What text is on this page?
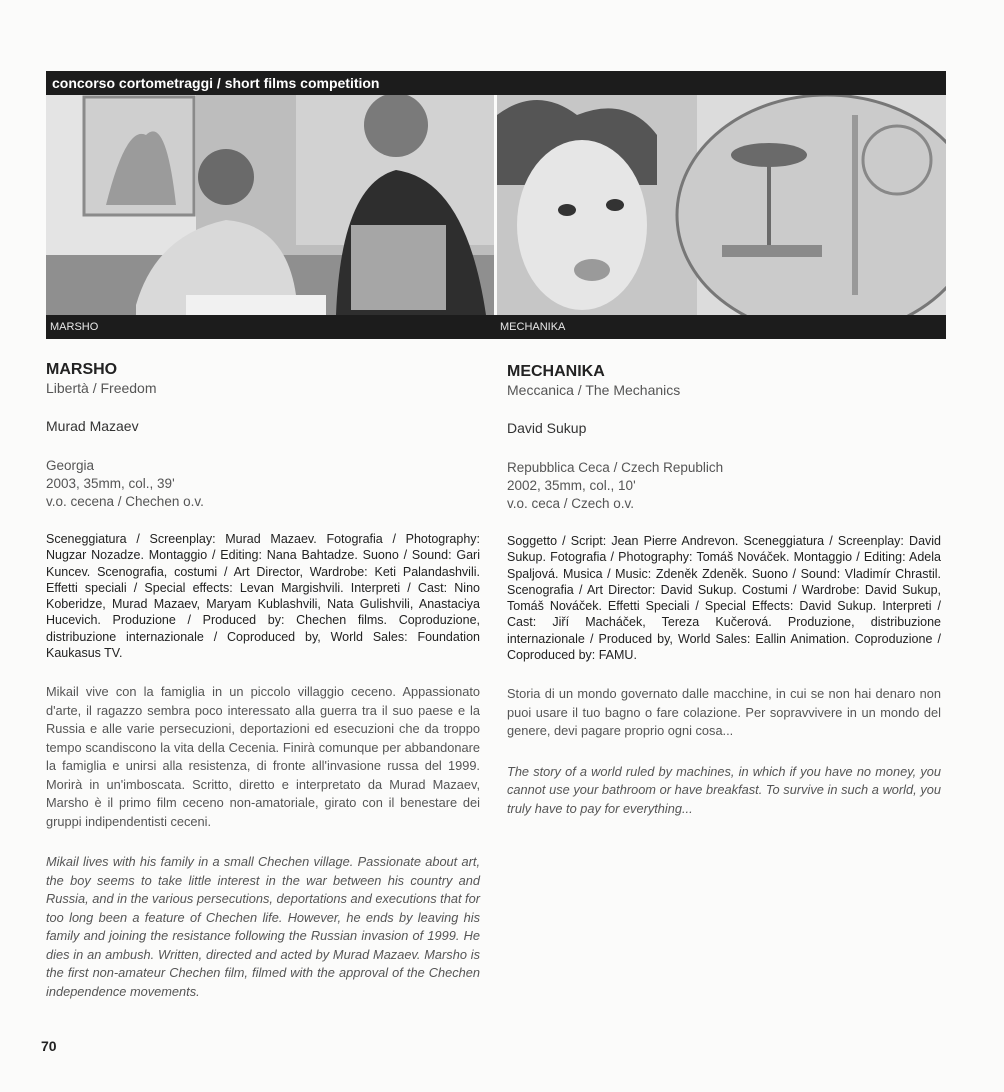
concorso cortometraggi / short films competition
MARSHO	MECHANIKA
MARSHO

Libertà / Freedom

Murad Mazaev

Georgia
2003, 35mm, col., 39'
v.o. cecena / Chechen o.v.

Sceneggiatura / Screenplay: Murad Mazaev. Fotografia / Photography: Nugzar Nozadze. Montaggio / Editing: Nana Bahtadze. Suono / Sound: Gari Kuncev. Scenografia, costumi / Art Director, Wardrobe: Keti Palandashvili. Effetti speciali / Special effects: Levan Margishvili. Interpreti / Cast: Nino Koberidze, Murad Mazaev, Maryam Kublashvili, Nata Gulishvili, Anastaciya Hucevich. Produzione / Produced by: Chechen films. Coproduzione, distribuzione internazionale / Coproduced by, World Sales: Foundation Kaukasus TV.

Mikail vive con la famiglia in un piccolo villaggio ceceno. Appassionato d'arte, il ragazzo sembra poco interessato alla guerra tra il suo paese e la Russia e alle varie persecuzioni, deportazioni ed esecuzioni che da troppo tempo scandiscono la vita della Cecenia. Finirà comunque per abbandonare la famiglia e unirsi alla resistenza, di fronte all'invasione russa del 1999. Morirà in un'imboscata. Scritto, diretto e interpretato da Murad Mazaev, Marsho è il primo film ceceno non-amatoriale, girato con il benestare dei gruppi indipendentisti ceceni.

Mikail lives with his family in a small Chechen village. Passionate about art, the boy seems to take little interest in the war between his country and Russia, and in the various persecutions, deportations and executions that for too long been a feature of Chechen life. However, he ends by leaving his family and joining the resistance following the Russian invasion of 1999. He dies in an ambush. Written, directed and acted by Murad Mazaev. Marsho is the first non-amateur Chechen film, filmed with the approval of the Chechen independence movements.

MECHANIKA

Meccanica / The Mechanics

David Sukup

Repubblica Ceca / Czech Republich
2002, 35mm, col., 10'
v.o. ceca / Czech o.v.

Soggetto / Script: Jean Pierre Andrevon. Sceneggiatura / Screenplay: David Sukup. Fotografia / Photography: Tomáš Nováček. Montaggio / Editing: Adela Spaljová. Musica / Music: Zdeněk Zdeněk. Suono / Sound: Vladimír Chrastil. Scenografia / Art Director: David Sukup. Costumi / Wardrobe: David Sukup, Tomáš Nováček. Effetti Speciali / Special Effects: David Sukup. Interpreti / Cast: Jiří Macháček, Tereza Kučerová. Produzione, distribuzione internazionale / Produced by, World Sales: Eallin Animation. Coproduzione / Coproduced by: FAMU.

Storia di un mondo governato dalle macchine, in cui se non hai denaro non puoi usare il tuo bagno o fare colazione. Per sopravvivere in un mondo del genere, devi pagare proprio ogni cosa...

The story of a world ruled by machines, in which if you have no money, you cannot use your bathroom or have breakfast. To survive in such a world, you truly have to pay for everything...

70
